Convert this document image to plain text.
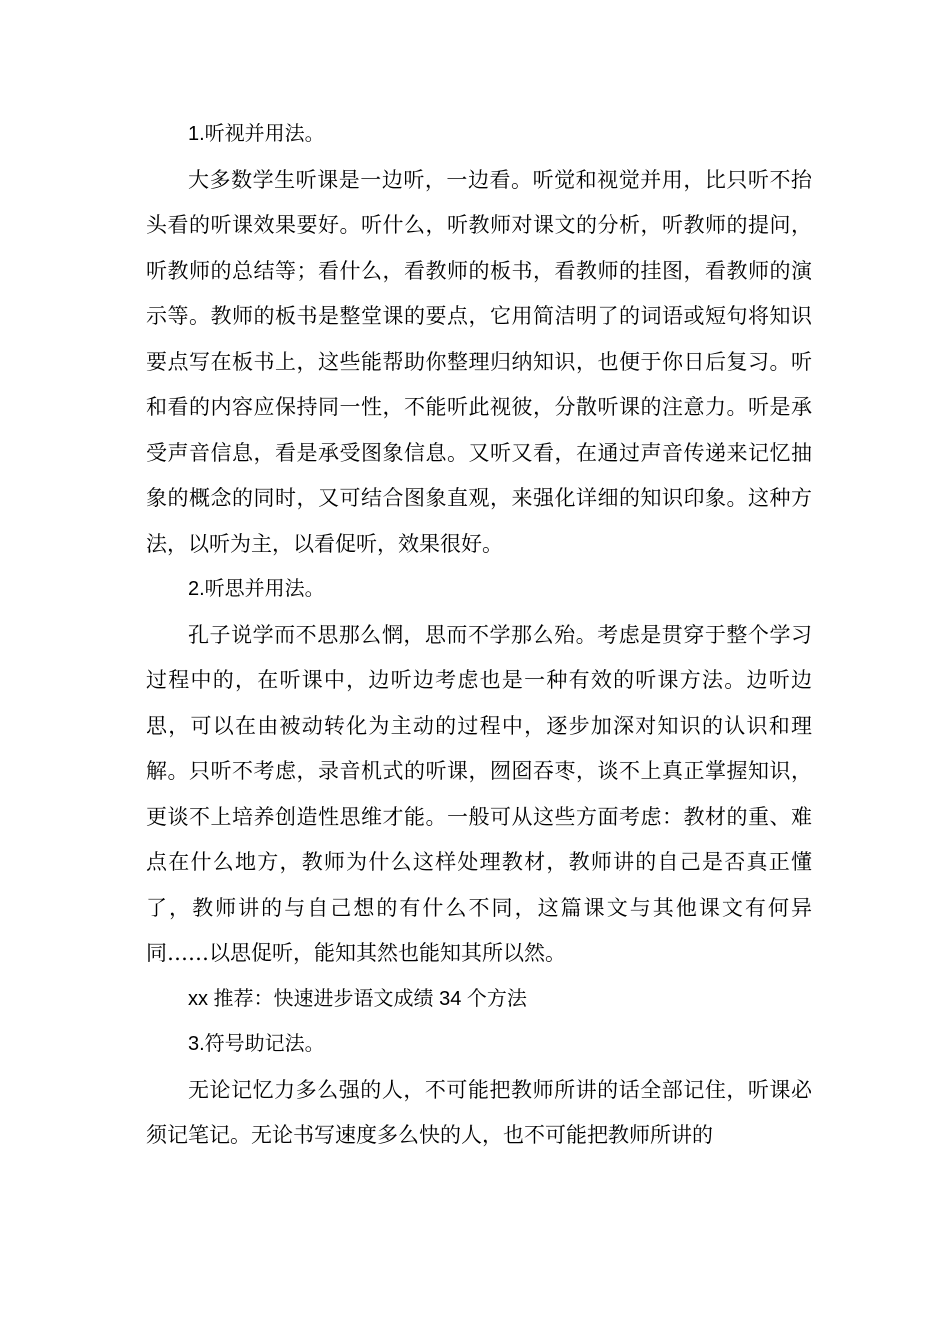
1.听视并用法。

大多数学生听课是一边听，一边看。听觉和视觉并用，比只听不抬头看的听课效果要好。听什么，听教师对课文的分析，听教师的提问，听教师的总结等；看什么，看教师的板书，看教师的挂图，看教师的演示等。教师的板书是整堂课的要点，它用简洁明了的词语或短句将知识要点写在板书上，这些能帮助你整理归纳知识，也便于你日后复习。听和看的内容应保持同一性，不能听此视彼，分散听课的注意力。听是承受声音信息，看是承受图象信息。又听又看，在通过声音传递来记忆抽象的概念的同时，又可结合图象直观，来强化详细的知识印象。这种方法，以听为主，以看促听，效果很好。

2.听思并用法。

孔子说学而不思那么惘，思而不学那么殆。考虑是贯穿于整个学习过程中的，在听课中，边听边考虑也是一种有效的听课方法。边听边思，可以在由被动转化为主动的过程中，逐步加深对知识的认识和理解。只听不考虑，录音机式的听课，囫囵吞枣，谈不上真正掌握知识，更谈不上培养创造性思维才能。一般可从这些方面考虑：教材的重、难点在什么地方，教师为什么这样处理教材，教师讲的自己是否真正懂了，教师讲的与自己想的有什么不同，这篇课文与其他课文有何异同……以思促听，能知其然也能知其所以然。

xx 推荐：快速进步语文成绩 34 个方法

3.符号助记法。

无论记忆力多么强的人，不可能把教师所讲的话全部记住，听课必须记笔记。无论书写速度多么快的人，也不可能把教师所讲的
